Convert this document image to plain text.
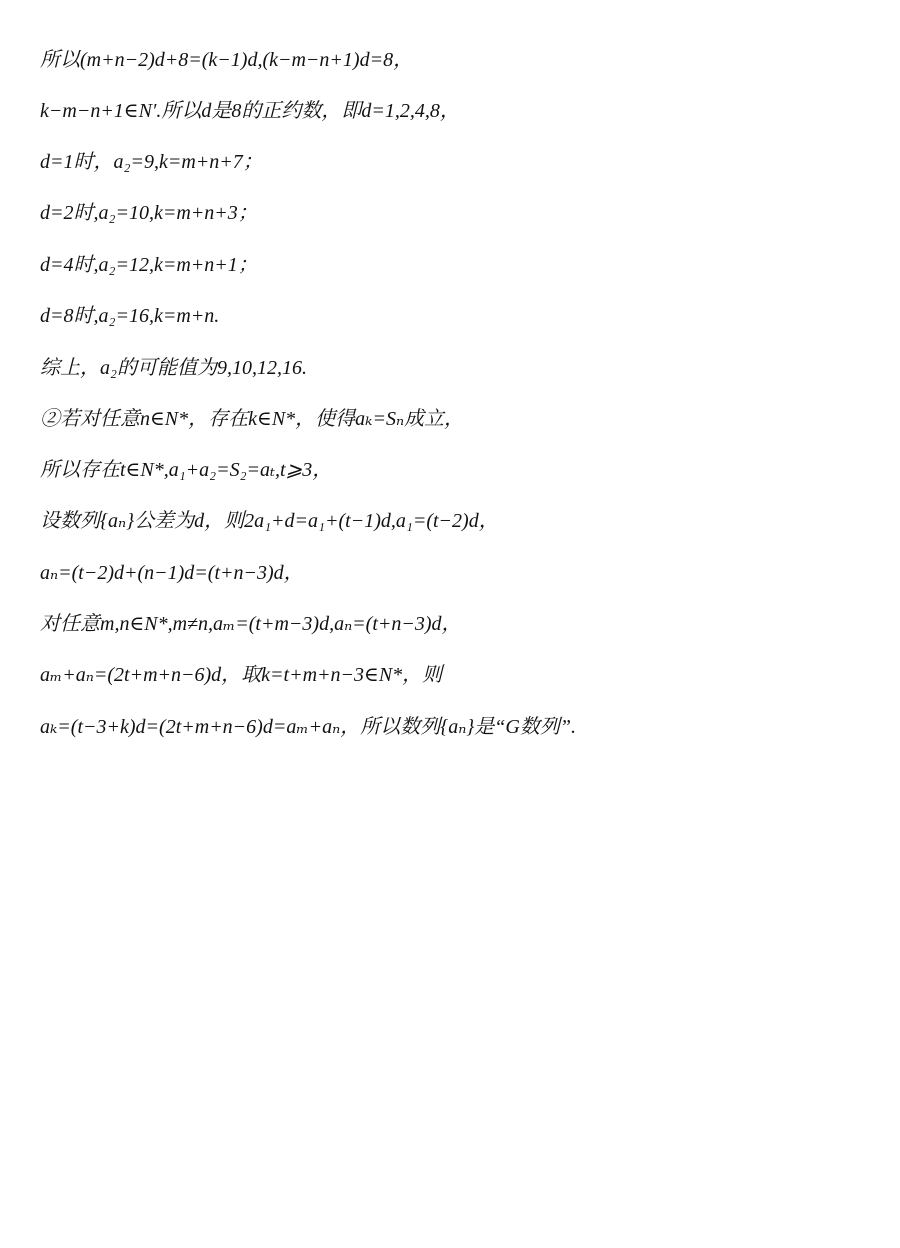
所以(m+n−2)d+8=(k−1)d,(k−m−n+1)d=8，
k−m−n+1∈N′.所以d是8的正约数，即d=1,2,4,8，
d=1时，a₂=9,k=m+n+7；
d=2时,a₂=10,k=m+n+3；
d=4时,a₂=12,k=m+n+1；
d=8时,a₂=16,k=m+n.
综上，a₂的可能值为9,10,12,16.
②若对任意n∈N*，存在k∈N*，使得aₖ=Sₙ成立，
所以存在t∈N*,a₁+a₂=S₂=aₜ,t⩾3，
设数列{aₙ}公差为d，则2a₁+d=a₁+(t−1)d,a₁=(t−2)d，
aₙ=(t−2)d+(n−1)d=(t+n−3)d，
对任意m,n∈N*,m≠n,aₘ=(t+m−3)d,aₙ=(t+n−3)d，
aₘ+aₙ=(2t+m+n−6)d，取k=t+m+n−3∈N*，则
aₖ=(t−3+k)d=(2t+m+n−6)d=aₘ+aₙ，所以数列{aₙ}是“G数列”.
